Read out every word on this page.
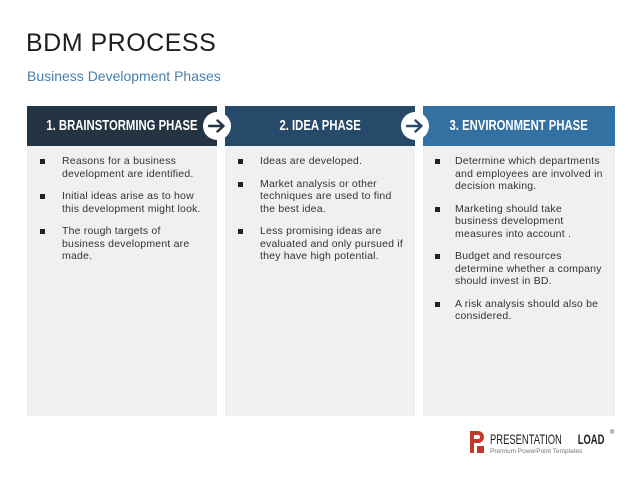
BDM PROCESS
Business Development Phases
1. BRAINSTORMING PHASE	2. IDEA PHASE	3. ENVIRONMENT PHASE
Reasons for a business development are identified.
Initial ideas arise as to how this development might look.
The rough targets of business development are made.
Ideas are developed.
Market analysis or other techniques are used to find the best idea.
Less promising ideas are evaluated and only pursued if they have high potential.
Determine which departments and employees are involved in decision making.
Marketing should take business development measures into account .
Budget and resources determine whether a company should invest in BD.
A risk analysis should also be considered.
PRESENTATION LOAD ®
Premium PowerPoint Templates
